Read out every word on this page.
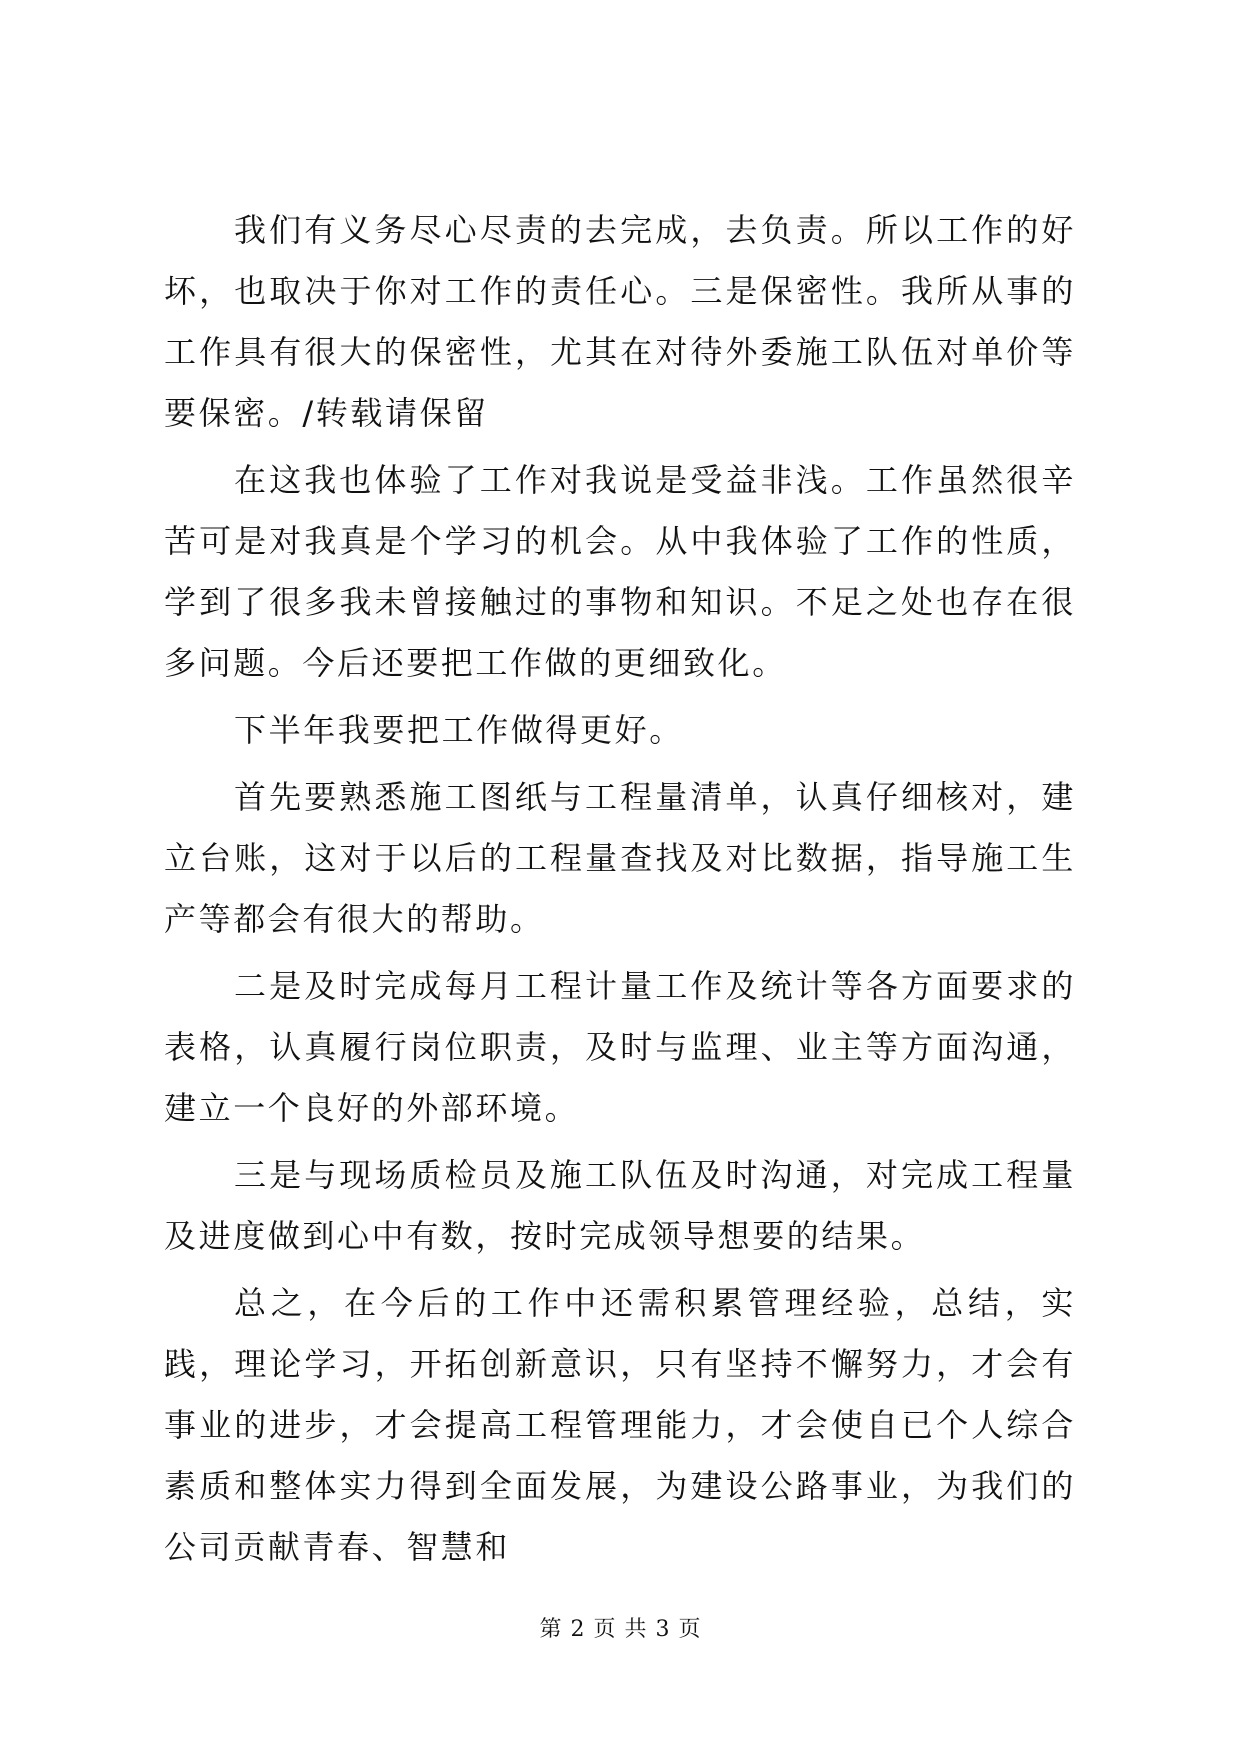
我们有义务尽心尽责的去完成，去负责。所以工作的好坏，也取决于你对工作的责任心。三是保密性。我所从事的工作具有很大的保密性，尤其在对待外委施工队伍对单价等要保密。/转载请保留

在这我也体验了工作对我说是受益非浅。工作虽然很辛苦可是对我真是个学习的机会。从中我体验了工作的性质，学到了很多我未曾接触过的事物和知识。不足之处也存在很多问题。今后还要把工作做的更细致化。

下半年我要把工作做得更好。

首先要熟悉施工图纸与工程量清单，认真仔细核对，建立台账，这对于以后的工程量查找及对比数据，指导施工生产等都会有很大的帮助。

二是及时完成每月工程计量工作及统计等各方面要求的表格，认真履行岗位职责，及时与监理、业主等方面沟通，建立一个良好的外部环境。

三是与现场质检员及施工队伍及时沟通，对完成工程量及进度做到心中有数，按时完成领导想要的结果。

总之，在今后的工作中还需积累管理经验，总结，实践，理论学习，开拓创新意识，只有坚持不懈努力，才会有事业的进步，才会提高工程管理能力，才会使自已个人综合素质和整体实力得到全面发展，为建设公路事业，为我们的公司贡献青春、智慧和

第 2 页 共 3 页
